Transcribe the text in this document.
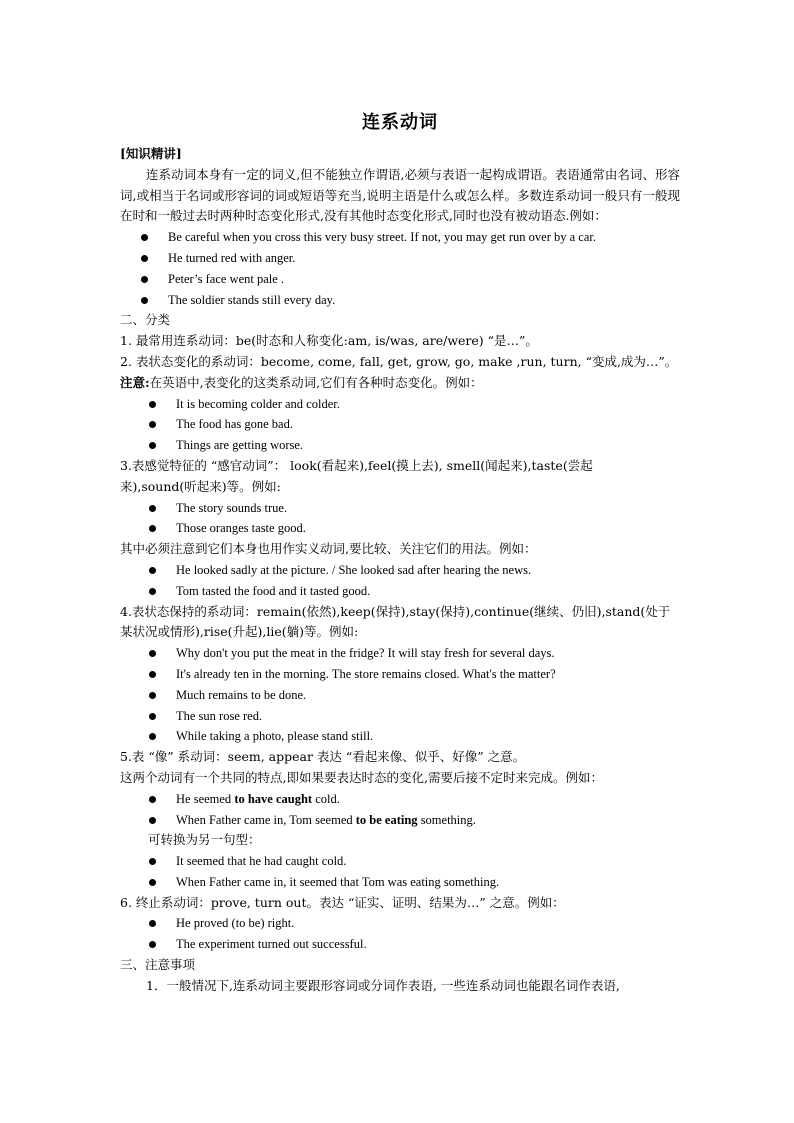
连系动词
[知识精讲]
连系动词本身有一定的词义,但不能独立作谓语,必须与表语一起构成谓语。表语通常由名词、形容词,或相当于名词或形容词的词或短语等充当,说明主语是什么或怎么样。多数连系动词一般只有一般现在时和一般过去时两种时态变化形式,没有其他时态变化形式,同时也没有被动语态.例如：
Be careful when you cross this very busy street. If not, you may get run over by a car.
He turned red with anger.
Peter’s face went pale .
The soldier stands still every day.
二、分类
1. 最常用连系动词：be(时态和人称变化:am, is/was, are/were) “是…”。
2. 表状态变化的系动词：become, come, fall, get, grow, go, make ,run, turn, “变成,成为…”。
注意:在英语中,表变化的这类系动词,它们有各种时态变化。例如：
It is becoming colder and colder.
The food has gone bad.
Things are getting worse.
3.表感觉特征的 “感官动词”： look(看起来),feel(摸上去), smell(闻起来),taste(尝起
来),sound(听起来)等。例如:
The story sounds true.
Those oranges taste good.
其中必须注意到它们本身也用作实义动词,要比较、关注它们的用法。例如：
He looked sadly at the picture. / She looked sad after hearing the news.
Tom tasted the food and it tasted good.
4.表状态保持的系动词：remain(依然),keep(保持),stay(保持),continue(继续、仍旧),stand(处于
某状况或情形),rise(升起),lie(躺)等。例如:
Why don't you put the meat in the fridge? It will stay fresh for several days.
It's already ten in the morning. The store remains closed. What's the matter?
Much remains to be done.
The sun rose red.
While taking a photo, please stand still.
5.表 “像” 系动词：seem, appear 表达 “看起来像、似乎、好像” 之意。
这两个动词有一个共同的特点,即如果要表达时态的变化,需要后接不定时来完成。例如：
He seemed to have caught cold.
When Father came in, Tom seemed to be eating something.
可转换为另一句型：
It seemed that he had caught cold.
When Father came in, it seemed that Tom was eating something.
6. 终止系动词：prove, turn out。表达 “证实、证明、结果为…” 之意。例如：
He proved (to be) right.
The experiment turned out successful.
三、注意事项
1．一般情况下,连系动词主要跟形容词或分词作表语, 一些连系动词也能跟名词作表语,
